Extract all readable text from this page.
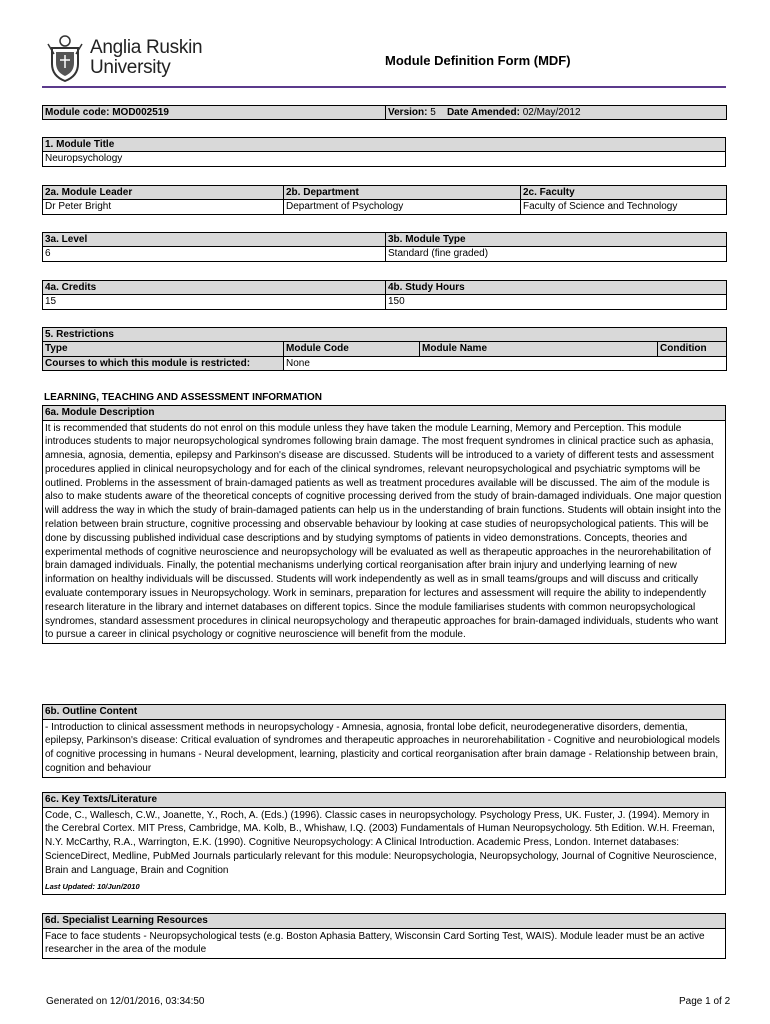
Anglia Ruskin
University	Module Definition Form (MDF)
Module code: MOD002519	Version: 5 Date Amended: 02/May/2012
1. Module Title
Neuropsychology
2a. Module Leader	2b. Department	2c. Faculty
Dr Peter Bright	Department of Psychology	Faculty of Science and Technology
3a. Level	3b. Module Type
6	Standard (fine graded)
4a. Credits	4b. Study Hours
15	150
5. Restrictions			
Type	Module Code	Module Name	Condition
Courses to which this module is restricted:	None		
LEARNING, TEACHING AND ASSESSMENT INFORMATION
6a. Module Description
It is recommended that students do not enrol on this module unless they have taken the module Learning, Memory and Perception. This module introduces students to major neuropsychological syndromes following brain damage. The most frequent syndromes in clinical practice such as aphasia, amnesia, agnosia, dementia, epilepsy and Parkinson's disease are discussed. Students will be introduced to a variety of different tests and assessment procedures applied in clinical neuropsychology and for each of the clinical syndromes, relevant neuropsychological and psychiatric symptoms will be outlined. Problems in the assessment of brain-damaged patients as well as treatment procedures available will be discussed. The aim of the module is also to make students aware of the theoretical concepts of cognitive processing derived from the study of brain-damaged individuals. One major question will address the way in which the study of brain-damaged patients can help us in the understanding of brain functions. Students will obtain insight into the relation between brain structure, cognitive processing and observable behaviour by looking at case studies of neuropsychological patients. This will be done by discussing published individual case descriptions and by studying symptoms of patients in video demonstrations. Concepts, theories and experimental methods of cognitive neuroscience and neuropsychology will be evaluated as well as therapeutic approaches in the neurorehabilitation of brain damaged individuals. Finally, the potential mechanisms underlying cortical reorganisation after brain injury and underlying learning of new information on healthy individuals will be discussed. Students will work independently as well as in small teams/groups and will discuss and critically evaluate contemporary issues in Neuropsychology. Work in seminars, preparation for lectures and assessment will require the ability to independently research literature in the library and internet databases on different topics. Since the module familiarises students with common neuropsychological syndromes, standard assessment procedures in clinical neuropsychology and therapeutic approaches for brain-damaged individuals, students who want to pursue a career in clinical psychology or cognitive neuroscience will benefit from the module.
6b. Outline Content
- Introduction to clinical assessment methods in neuropsychology - Amnesia, agnosia, frontal lobe deficit, neurodegenerative disorders, dementia, epilepsy, Parkinson's disease: Critical evaluation of syndromes and therapeutic approaches in neurorehabilitation - Cognitive and neurobiological models of cognitive processing in humans - Neural development, learning, plasticity and cortical reorganisation after brain damage - Relationship between brain, cognition and behaviour
6c. Key Texts/Literature
Code, C., Wallesch, C.W., Joanette, Y., Roch, A. (Eds.) (1996). Classic cases in neuropsychology. Psychology Press, UK. Fuster, J. (1994). Memory in the Cerebral Cortex. MIT Press, Cambridge, MA. Kolb, B., Whishaw, I.Q. (2003) Fundamentals of Human Neuropsychology. 5th Edition. W.H. Freeman, N.Y. McCarthy, R.A., Warrington, E.K. (1990). Cognitive Neuropsychology: A Clinical Introduction. Academic Press, London. Internet databases: ScienceDirect, Medline, PubMed Journals particularly relevant for this module: Neuropsychologia, Neuropsychology, Journal of Cognitive Neuroscience, Brain and Language, Brain and Cognition
Last Updated: 10/Jun/2010
6d. Specialist Learning Resources
Face to face students - Neuropsychological tests (e.g. Boston Aphasia Battery, Wisconsin Card Sorting Test, WAIS). Module leader must be an active researcher in the area of the module
Generated on 12/01/2016, 03:34:50	Page 1 of 2
